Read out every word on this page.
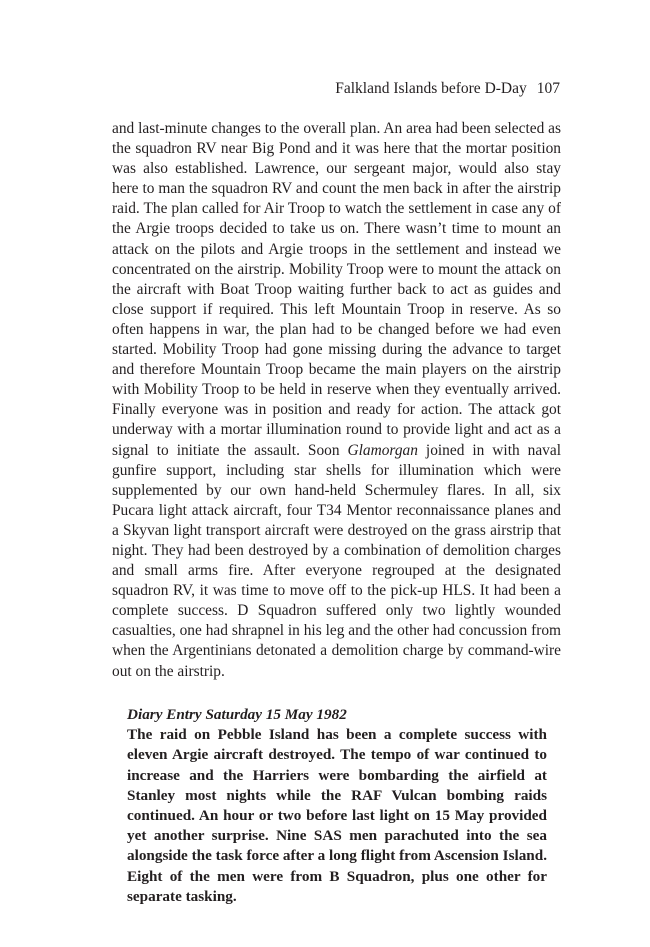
Falkland Islands before D-Day 107

and last-minute changes to the overall plan. An area had been selected as the squadron RV near Big Pond and it was here that the mortar position was also established. Lawrence, our sergeant major, would also stay here to man the squadron RV and count the men back in after the airstrip raid. The plan called for Air Troop to watch the settlement in case any of the Argie troops decided to take us on. There wasn’t time to mount an attack on the pilots and Argie troops in the settlement and instead we concentrated on the airstrip. Mobility Troop were to mount the attack on the aircraft with Boat Troop waiting further back to act as guides and close support if required. This left Mountain Troop in reserve. As so often happens in war, the plan had to be changed before we had even started. Mobility Troop had gone missing during the advance to target and therefore Mountain Troop became the main players on the airstrip with Mobility Troop to be held in reserve when they eventually arrived. Finally everyone was in position and ready for action. The attack got underway with a mortar illumination round to provide light and act as a signal to initiate the assault. Soon Glamorgan joined in with naval gunfire support, including star shells for illumination which were supplemented by our own hand-held Schermuley flares. In all, six Pucara light attack aircraft, four T34 Mentor reconnaissance planes and a Skyvan light transport aircraft were destroyed on the grass airstrip that night. They had been destroyed by a combination of demolition charges and small arms fire. After everyone regrouped at the designated squadron RV, it was time to move off to the pick-up HLS. It had been a complete success. D Squadron suffered only two lightly wounded casualties, one had shrapnel in his leg and the other had concussion from when the Argentinians detonated a demolition charge by command-wire out on the airstrip.

Diary Entry Saturday 15 May 1982

The raid on Pebble Island has been a complete success with eleven Argie aircraft destroyed. The tempo of war continued to increase and the Harriers were bombarding the airfield at Stanley most nights while the RAF Vulcan bombing raids continued. An hour or two before last light on 15 May provided yet another surprise. Nine SAS men parachuted into the sea alongside the task force after a long flight from Ascension Island. Eight of the men were from B Squadron, plus one other for separate tasking.
